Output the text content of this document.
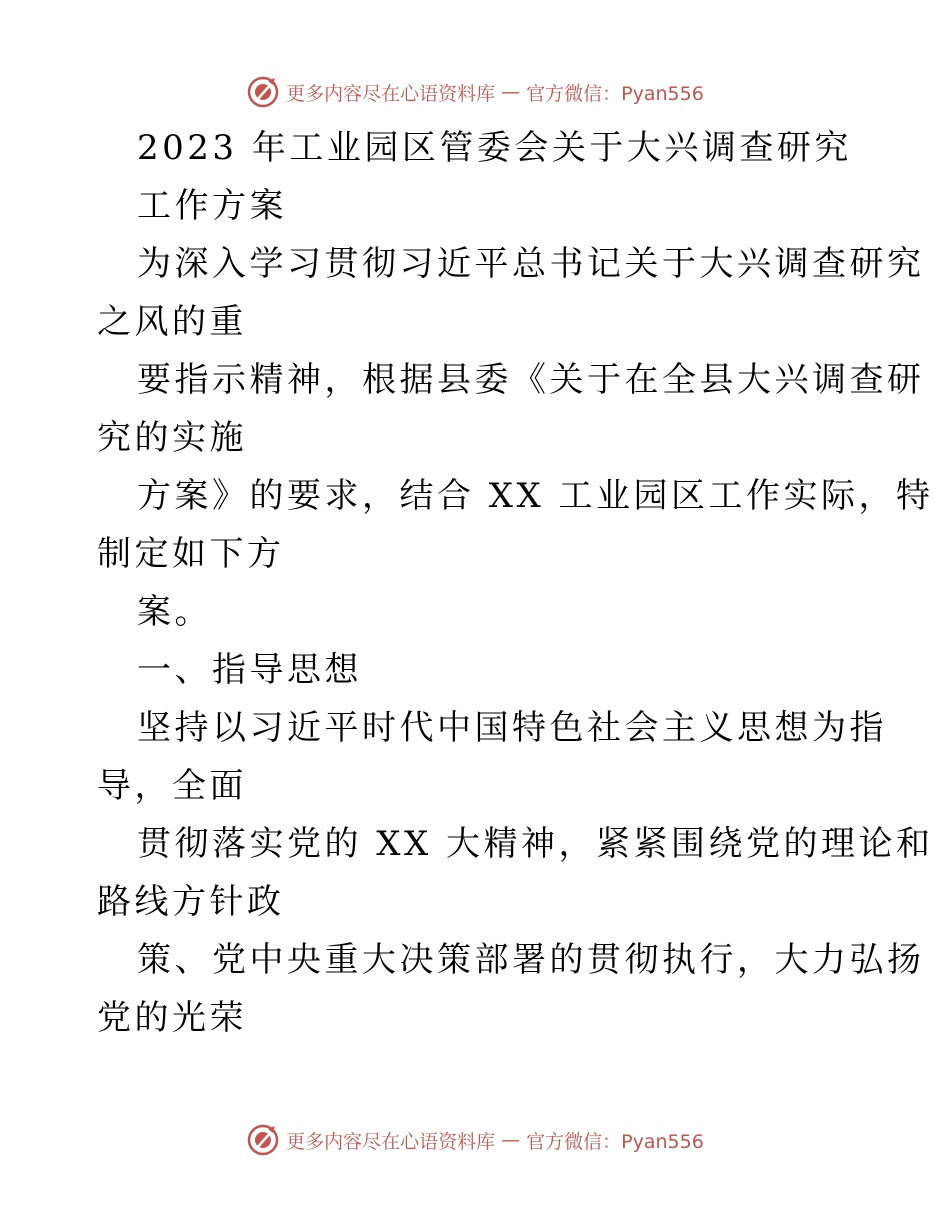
更多内容尽在心语资料库 — 官方微信：Pyan556
2023 年工业园区管委会关于大兴调查研究
工作方案
为深入学习贯彻习近平总书记关于大兴调查研究
之风的重
要指示精神，根据县委《关于在全县大兴调查研
究的实施
方案》的要求，结合 XX 工业园区工作实际，特
制定如下方
案。
一、指导思想
坚持以习近平时代中国特色社会主义思想为指
导，全面
贯彻落实党的 XX 大精神，紧紧围绕党的理论和
路线方针政
策、党中央重大决策部署的贯彻执行，大力弘扬
党的光荣
更多内容尽在心语资料库 — 官方微信：Pyan556
